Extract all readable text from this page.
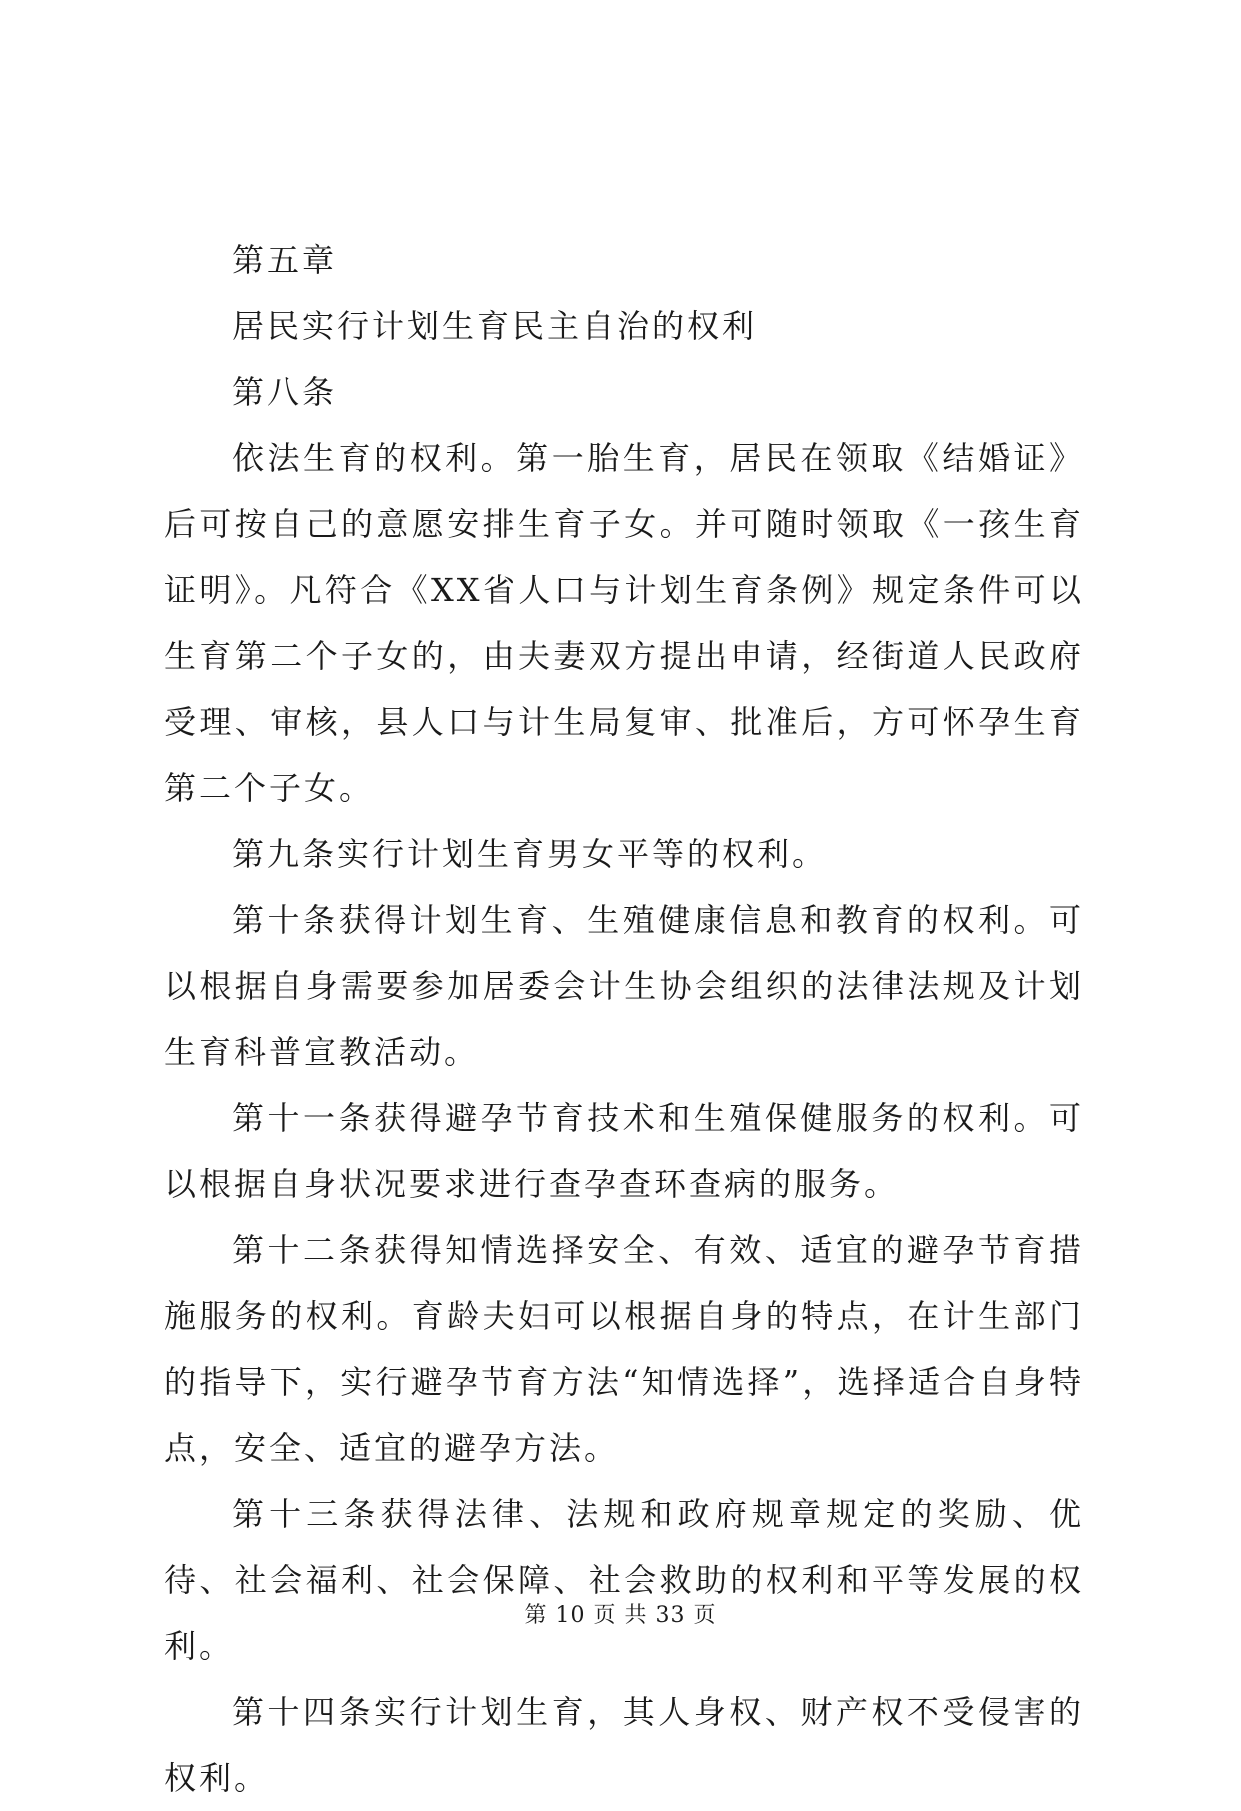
第五章

居民实行计划生育民主自治的权利

第八条

依法生育的权利。第一胎生育，居民在领取《结婚证》后可按自己的意愿安排生育子女。并可随时领取《一孩生育证明》。凡符合《XX省人口与计划生育条例》规定条件可以生育第二个子女的，由夫妻双方提出申请，经街道人民政府受理、审核，县人口与计生局复审、批准后，方可怀孕生育第二个子女。

第九条实行计划生育男女平等的权利。

第十条获得计划生育、生殖健康信息和教育的权利。可以根据自身需要参加居委会计生协会组织的法律法规及计划生育科普宣教活动。

第十一条获得避孕节育技术和生殖保健服务的权利。可以根据自身状况要求进行查孕查环查病的服务。

第十二条获得知情选择安全、有效、适宜的避孕节育措施服务的权利。育龄夫妇可以根据自身的特点，在计生部门的指导下，实行避孕节育方法“知情选择”，选择适合自身特点，安全、适宜的避孕方法。

第十三条获得法律、法规和政府规章规定的奖励、优待、社会福利、社会保障、社会救助的权利和平等发展的权利。

第十四条实行计划生育，其人身权、财产权不受侵害的权利。

第 10 页 共 33 页
